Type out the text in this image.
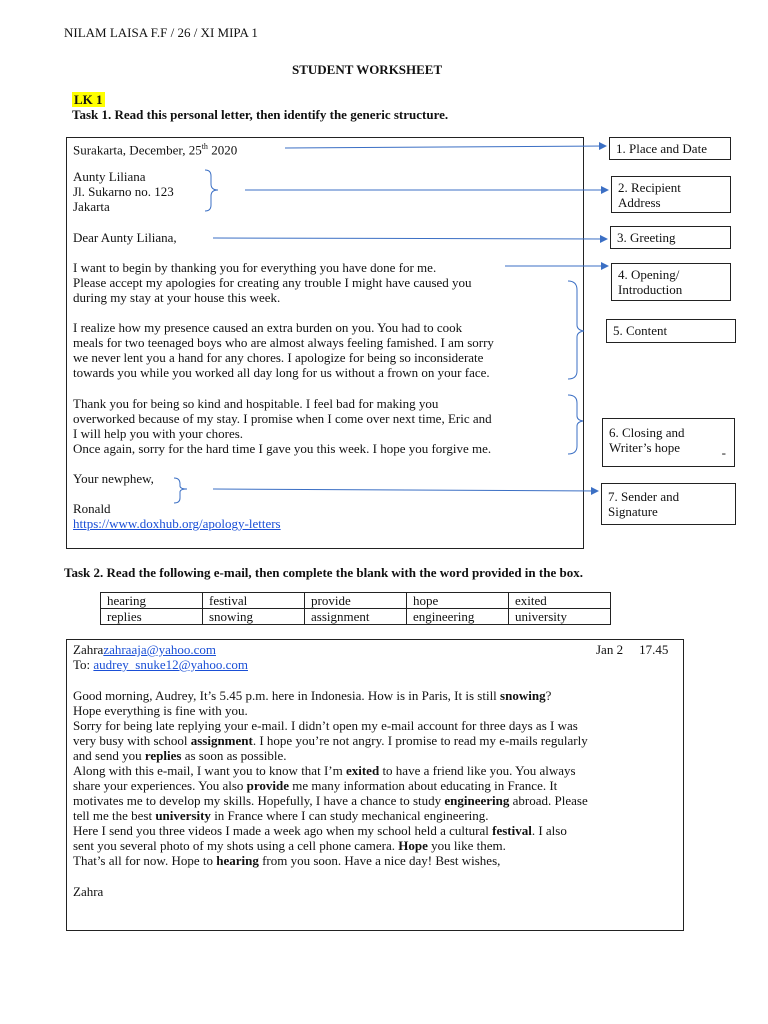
NILAM LAISA F.F / 26 / XI MIPA 1
STUDENT WORKSHEET
LK 1
Task 1. Read this personal letter, then identify the generic structure.
Surakarta, December, 25th 2020
Aunty Liliana
Jl. Sukarno no. 123
Jakarta
Dear Aunty Liliana,
I want to begin by thanking you for everything you have done for me.
Please accept my apologies for creating any trouble I might have caused you
during my stay at your house this week.
I realize how my presence caused an extra burden on you. You had to cook
meals for two teenaged boys who are almost always feeling famished. I am sorry
we never lent you a hand for any chores. I apologize for being so inconsiderate
towards you while you worked all day long for us without a frown on your face.
Thank you for being so kind and hospitable. I feel bad for making you
overworked because of my stay. I promise when I come over next time, Eric and
I will help you with your chores.
Once again, sorry for the hard time I gave you this week. I hope you forgive me.
Your newphew,
Ronald
https://www.doxhub.org/apology-letters
1. Place and Date
2. Recipient
Address
3. Greeting
4. Opening/
Introduction
5. Content
6. Closing and
Writer’s hope	-
7. Sender and
Signature
Task 2. Read the following e-mail, then complete the blank with the word provided in the box.
hearing	festival	provide	hope	exited
replies	snowing	assignment	engineering	university
Zahrazahraaja@yahoo.com	Jan 2 17.45
To: audrey_snuke12@yahoo.com
Good morning, Audrey, It’s 5.45 p.m. here in Indonesia. How is in Paris, It is still snowing?
Hope everything is fine with you.
Sorry for being late replying your e-mail. I didn’t open my e-mail account for three days as I was
very busy with school assignment. I hope you’re not angry. I promise to read my e-mails regularly
and send you replies as soon as possible.
Along with this e-mail, I want you to know that I’m exited to have a friend like you. You always
share your experiences. You also provide me many information about educating in France. It
motivates me to develop my skills. Hopefully, I have a chance to study engineering abroad. Please
tell me the best university in France where I can study mechanical engineering.
Here I send you three videos I made a week ago when my school held a cultural festival. I also
sent you several photo of my shots using a cell phone camera. Hope you like them.
That’s all for now. Hope to hearing from you soon. Have a nice day! Best wishes,
Zahra
